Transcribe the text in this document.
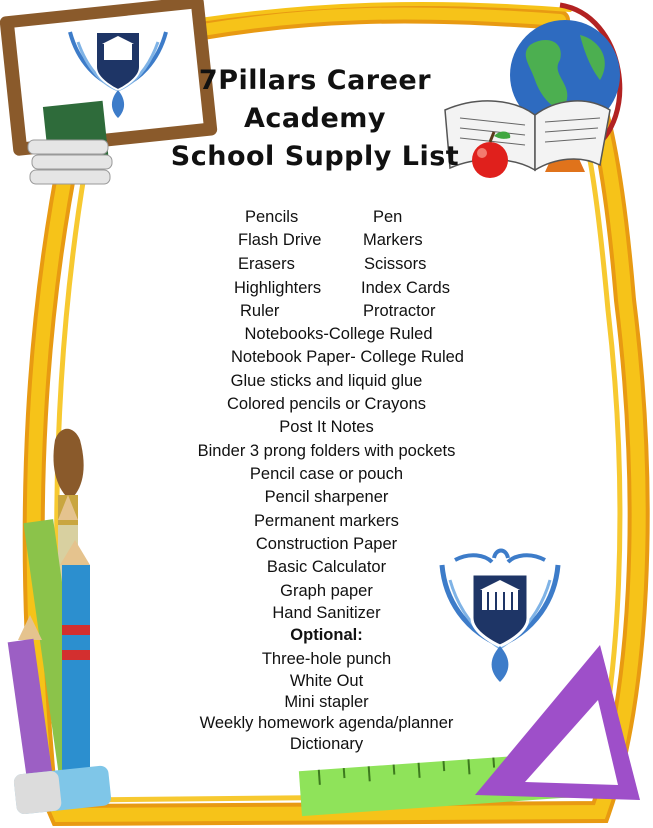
7Pillars Career
Academy
School Supply List
Pencils	Pen
Flash Drive	Markers
Erasers	Scissors
Highlighters Index Cards
Ruler	Protractor
Notebooks-College Ruled
Notebook Paper- College Ruled
Glue sticks and liquid glue
Colored pencils or Crayons
Post It Notes
Binder 3 prong folders with pockets
Pencil case or pouch
Pencil sharpener
Permanent markers
Construction Paper
Basic Calculator
Graph paper
Hand Sanitizer
Optional:
Three-hole punch
White Out
Mini stapler
Weekly homework agenda/planner
Dictionary
